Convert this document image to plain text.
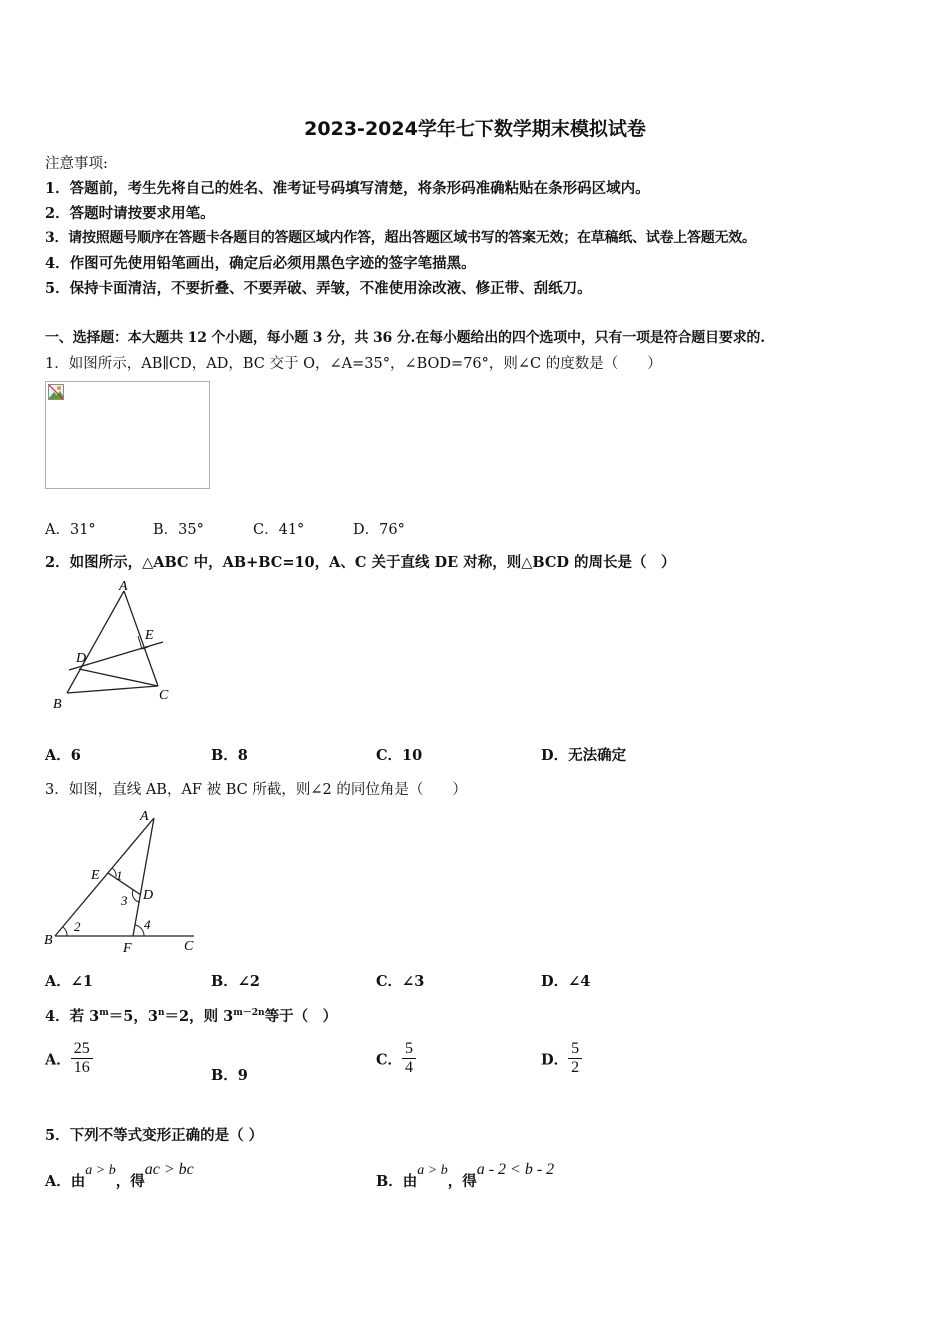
2023-2024学年七下数学期末模拟试卷
注意事项:
1．答题前，考生先将自己的姓名、准考证号码填写清楚，将条形码准确粘贴在条形码区域内。
2．答题时请按要求用笔。
3．请按照题号顺序在答题卡各题目的答题区域内作答，超出答题区域书写的答案无效；在草稿纸、试卷上答题无效。
4．作图可先使用铅笔画出，确定后必须用黑色字迹的签字笔描黑。
5．保持卡面清洁，不要折叠、不要弄破、弄皱，不准使用涂改液、修正带、刮纸刀。
一、选择题：本大题共 12 个小题，每小题 3 分，共 36 分.在每小题给出的四个选项中，只有一项是符合题目要求的.
1．如图所示，AB∥CD，AD，BC 交于 O，∠A=35°，∠BOD=76°，则∠C 的度数是（　　）
A．31°	B．35°	C．41°	D．76°
2．如图所示，△ABC 中，AB+BC=10，A、C 关于直线 DE 对称，则△BCD 的周长是（　）
A
E
D
B
C
A．6	B．8	C．10	D．无法确定
3．如图，直线 AB，AF 被 BC 所截，则∠2 的同位角是（　　）
A
E 1
D
3
2	4
B
F	C
A．∠1	B．∠2	C．∠3	D．∠4
4．若 $3^m=5$，$3^n=2$，则 $3^{m-2n}$等于（　）
A． $\frac{25}{16}$	B．9
C． $\frac{5}{4}$	D． $\frac{5}{2}$
5．下列不等式变形正确的是（ ）
A．由a > b，得ac > bc
B．由a > b，得a - 2 < b - 2
